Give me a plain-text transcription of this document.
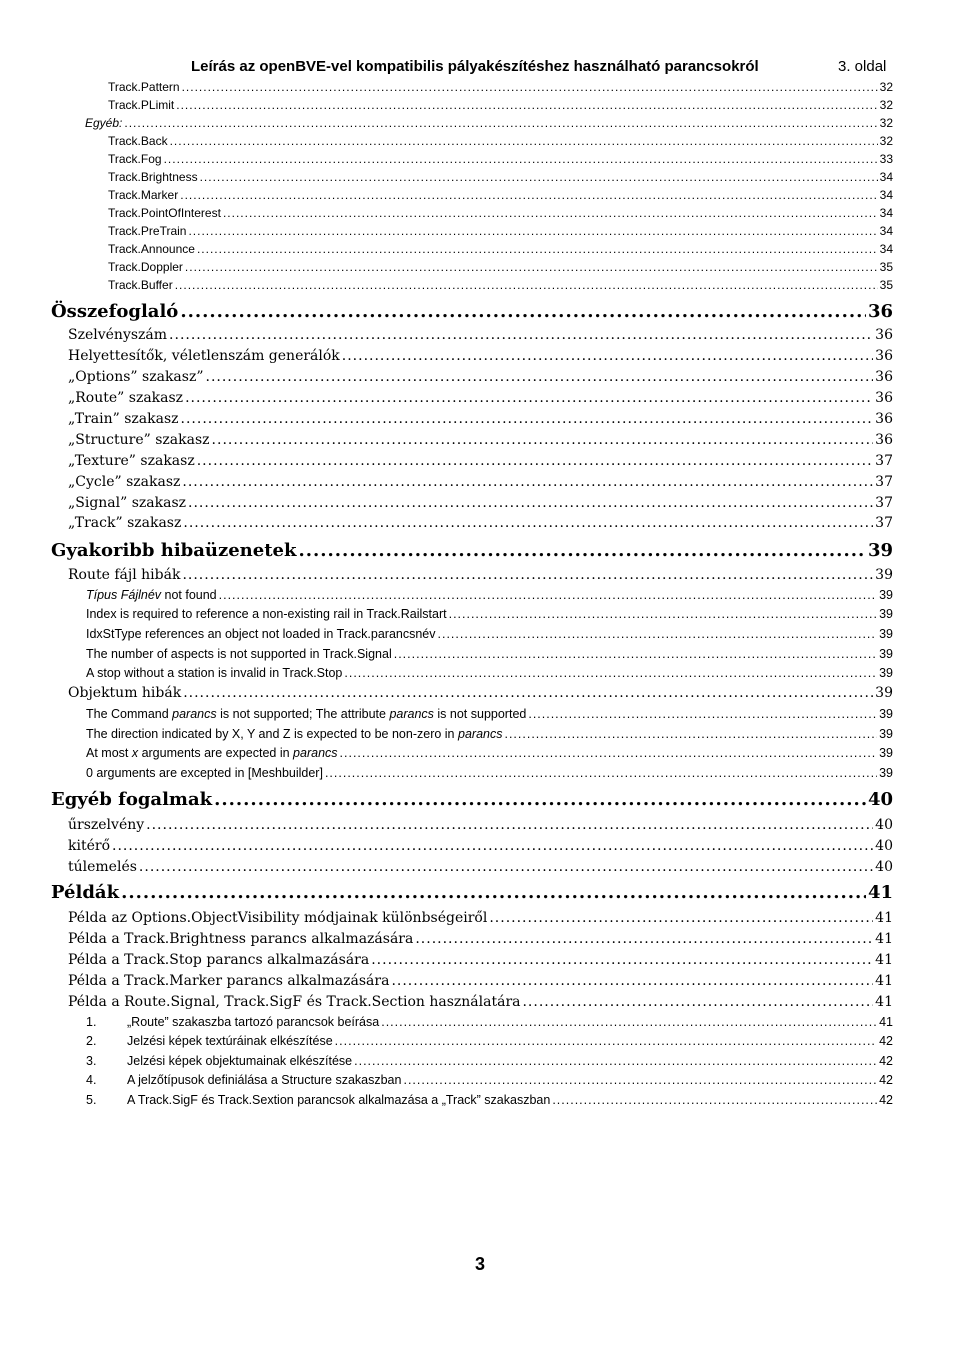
Leírás az openBVE-vel kompatibilis pályakészítéshez használható parancsokról	3. oldal
Track.Pattern .....	32
Track.PLimit .....	32
Egyéb: .....	32
Track.Back .....	32
Track.Fog .....	33
Track.Brightness .....	34
Track.Marker .....	34
Track.PointOfInterest .....	34
Track.PreTrain .....	34
Track.Announce .....	34
Track.Doppler .....	35
Track.Buffer .....	35
Összefoglaló .....	36
Szelvényszám .....	36
Helyettesítők, véletlenszám generálók .....	36
„Options” szakasz” .....	36
„Route” szakasz .....	36
„Train” szakasz .....	36
„Structure” szakasz .....	36
„Texture” szakasz .....	37
„Cycle” szakasz .....	37
„Signal” szakasz .....	37
„Track” szakasz .....	37
Gyakoribb hibaüzenetek .....	39
Route fájl hibák .....	39
Típus Fájlnév not found .....	39
Index is required to reference a non-existing rail in Track.Railstart .....	39
IdxStType references an object not loaded in Track.parancsnév .....	39
The number of aspects is not supported in Track.Signal .....	39
A stop without a station is invalid in Track.Stop .....	39
Objektum hibák .....	39
The Command parancs is not supported; The attribute parancs is not supported .....	39
The direction indicated by X, Y and Z is expected to be non-zero in parancs .....	39
At most x arguments are expected in parancs .....	39
0 arguments are excepted in [Meshbuilder] .....	39
Egyéb fogalmak .....	40
űrszelvény .....	40
kitérő .....	40
túlemelés .....	40
Példák .....	41
Példa az Options.ObjectVisibility módjainak különbségeiről .....	41
Példa a Track.Brightness parancs alkalmazására .....	41
Példa a Track.Stop parancs alkalmazására .....	41
Példa a Track.Marker parancs alkalmazására .....	41
Példa a Route.Signal, Track.SigF és Track.Section használatára .....	41
1.	„Route” szakaszba tartozó parancsok beírása .....	41
2.	Jelzési képek textúráinak elkészítése .....	42
3.	Jelzési képek objektumainak elkészítése .....	42
4.	A jelzőtípusok definiálása a Structure szakaszban .....	42
5.	A Track.SigF és Track.Sextion parancsok alkalmazása a „Track” szakaszban .....	42
3
